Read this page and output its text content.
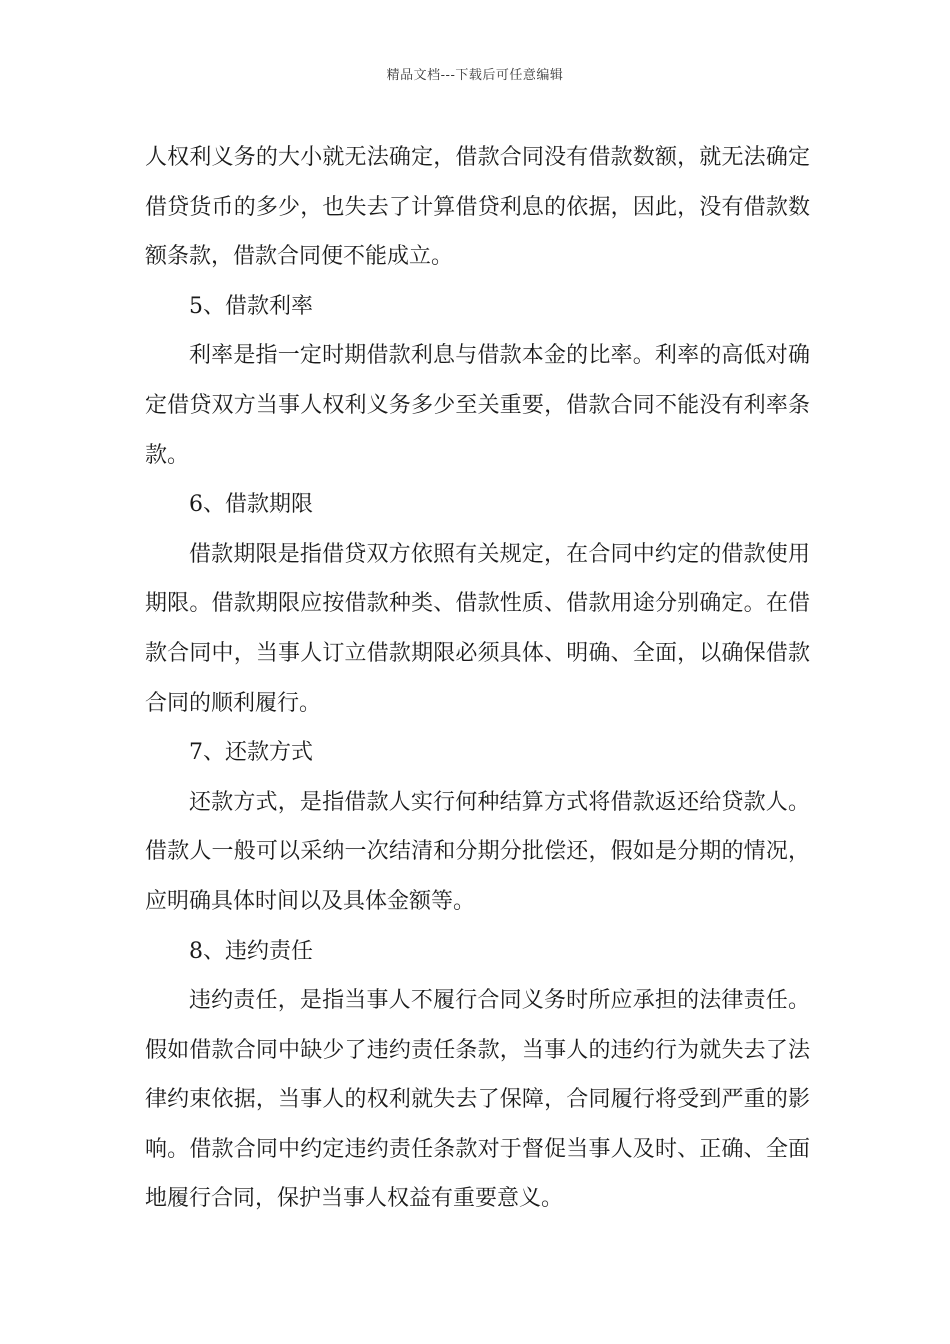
精品文档---下载后可任意编辑

人权利义务的大小就无法确定，借款合同没有借款数额，就无法确定借贷货币的多少，也失去了计算借贷利息的依据，因此，没有借款数额条款，借款合同便不能成立。

5、借款利率

利率是指一定时期借款利息与借款本金的比率。利率的高低对确定借贷双方当事人权利义务多少至关重要，借款合同不能没有利率条款。

6、借款期限

借款期限是指借贷双方依照有关规定，在合同中约定的借款使用期限。借款期限应按借款种类、借款性质、借款用途分别确定。在借款合同中，当事人订立借款期限必须具体、明确、全面，以确保借款合同的顺利履行。

7、还款方式

还款方式，是指借款人实行何种结算方式将借款返还给贷款人。借款人一般可以采纳一次结清和分期分批偿还，假如是分期的情况，应明确具体时间以及具体金额等。

8、违约责任

违约责任，是指当事人不履行合同义务时所应承担的法律责任。假如借款合同中缺少了违约责任条款，当事人的违约行为就失去了法律约束依据，当事人的权利就失去了保障，合同履行将受到严重的影响。借款合同中约定违约责任条款对于督促当事人及时、正确、全面地履行合同，保护当事人权益有重要意义。
